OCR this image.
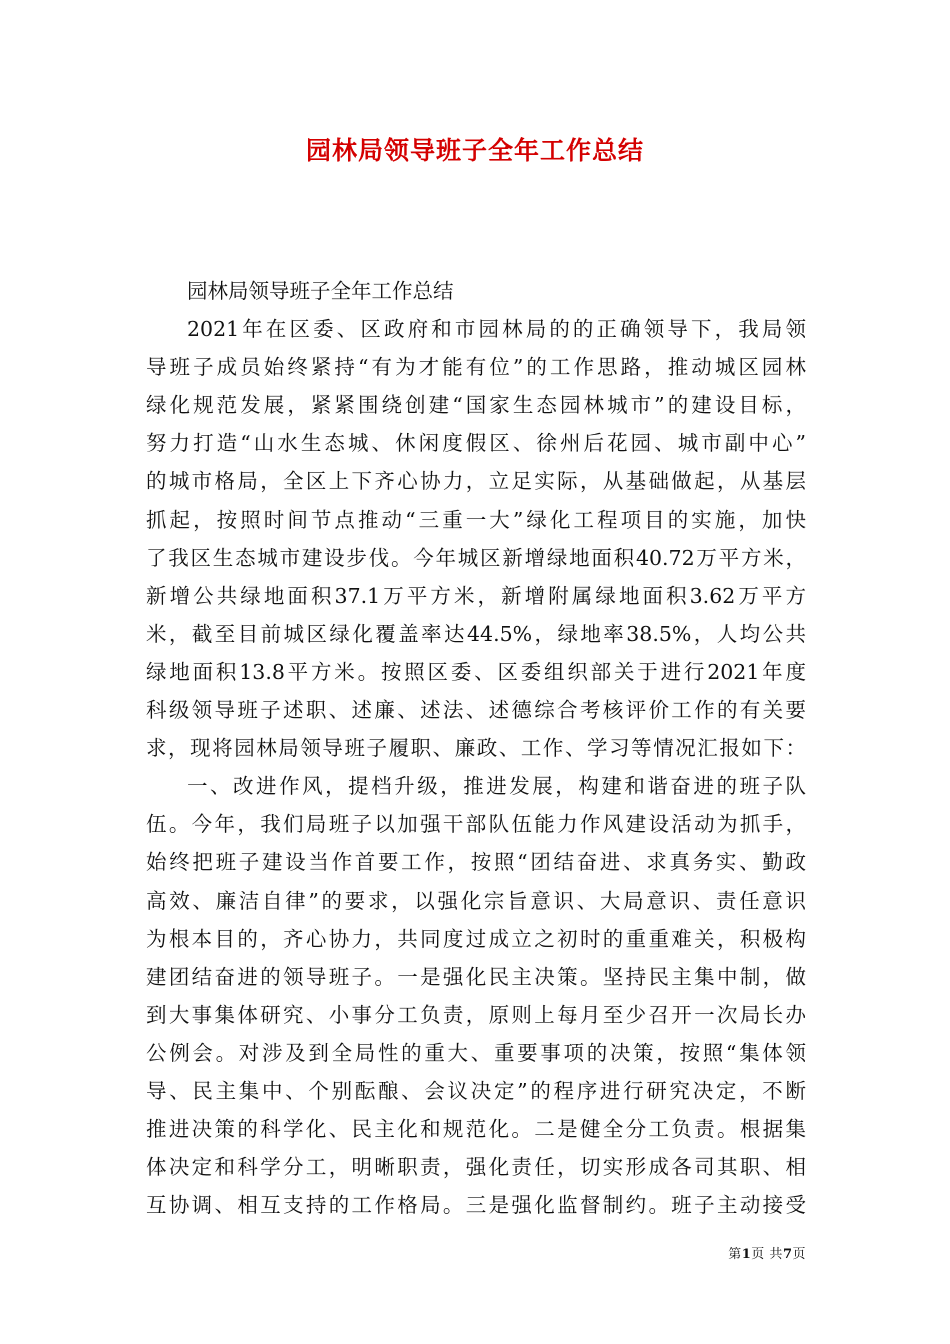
园林局领导班子全年工作总结
园林局领导班子全年工作总结
2021年在区委、区政府和市园林局的的正确领导下，我局领
导班子成员始终紧持“有为才能有位”的工作思路，推动城区园林
绿化规范发展，紧紧围绕创建“国家生态园林城市”的建设目标，
努力打造“山水生态城、休闲度假区、徐州后花园、城市副中心”
的城市格局，全区上下齐心协力，立足实际，从基础做起，从基层
抓起，按照时间节点推动“三重一大”绿化工程项目的实施，加快
了我区生态城市建设步伐。今年城区新增绿地面积40.72万平方米，
新增公共绿地面积37.1万平方米，新增附属绿地面积3.62万平方
米，截至目前城区绿化覆盖率达44.5%，绿地率38.5%，人均公共
绿地面积13.8平方米。按照区委、区委组织部关于进行2021年度
科级领导班子述职、述廉、述法、述德综合考核评价工作的有关要
求，现将园林局领导班子履职、廉政、工作、学习等情况汇报如下：
一、改进作风，提档升级，推进发展，构建和谐奋进的班子队
伍。今年，我们局班子以加强干部队伍能力作风建设活动为抓手，
始终把班子建设当作首要工作，按照“团结奋进、求真务实、勤政
高效、廉洁自律”的要求，以强化宗旨意识、大局意识、责任意识
为根本目的，齐心协力，共同度过成立之初时的重重难关，积极构
建团结奋进的领导班子。一是强化民主决策。坚持民主集中制，做
到大事集体研究、小事分工负责，原则上每月至少召开一次局长办
公例会。对涉及到全局性的重大、重要事项的决策，按照“集体领
导、民主集中、个别酝酿、会议决定”的程序进行研究决定，不断
推进决策的科学化、民主化和规范化。二是健全分工负责。根据集
体决定和科学分工，明晰职责，强化责任，切实形成各司其职、相
互协调、相互支持的工作格局。三是强化监督制约。班子主动接受
第1页 共7页
